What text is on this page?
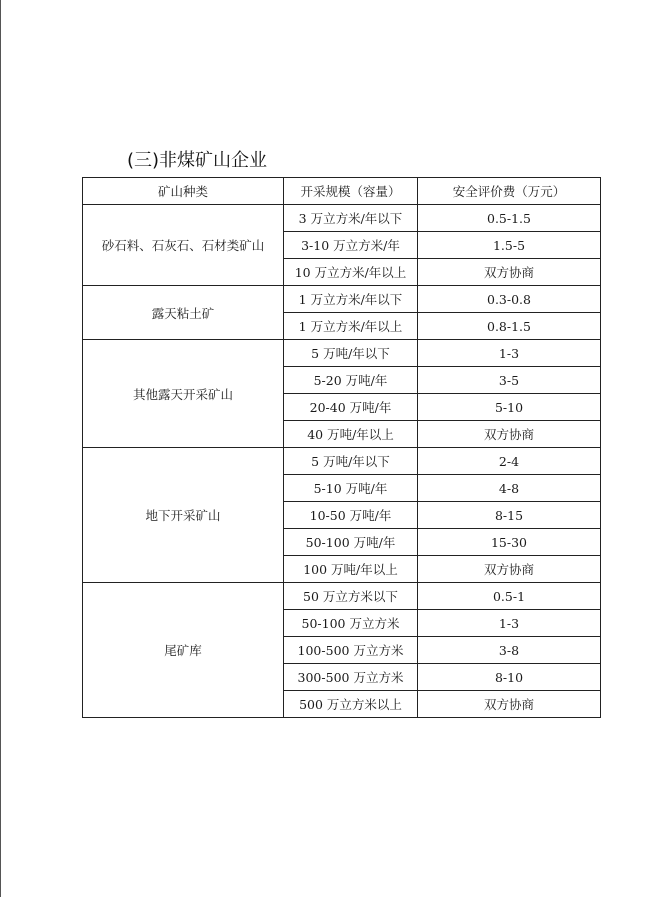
(三)非煤矿山企业
矿山种类	开采规模（容量）	安全评价费（万元）
砂石料、石灰石、石材类矿山	3 万立方米/年以下	0.5-1.5
	3-10 万立方米/年	1.5-5
	10 万立方米/年以上	双方协商
露天粘土矿	1 万立方米/年以下	0.3-0.8
	1 万立方米/年以上	0.8-1.5
其他露天开采矿山	5 万吨/年以下	1-3
	5-20 万吨/年	3-5
	20-40 万吨/年	5-10
	40 万吨/年以上	双方协商
地下开采矿山	5 万吨/年以下	2-4
	5-10 万吨/年	4-8
	10-50 万吨/年	8-15
	50-100 万吨/年	15-30
	100 万吨/年以上	双方协商
尾矿库	50 万立方米以下	0.5-1
	50-100 万立方米	1-3
	100-500 万立方米	3-8
	300-500 万立方米	8-10
	500 万立方米以上	双方协商
